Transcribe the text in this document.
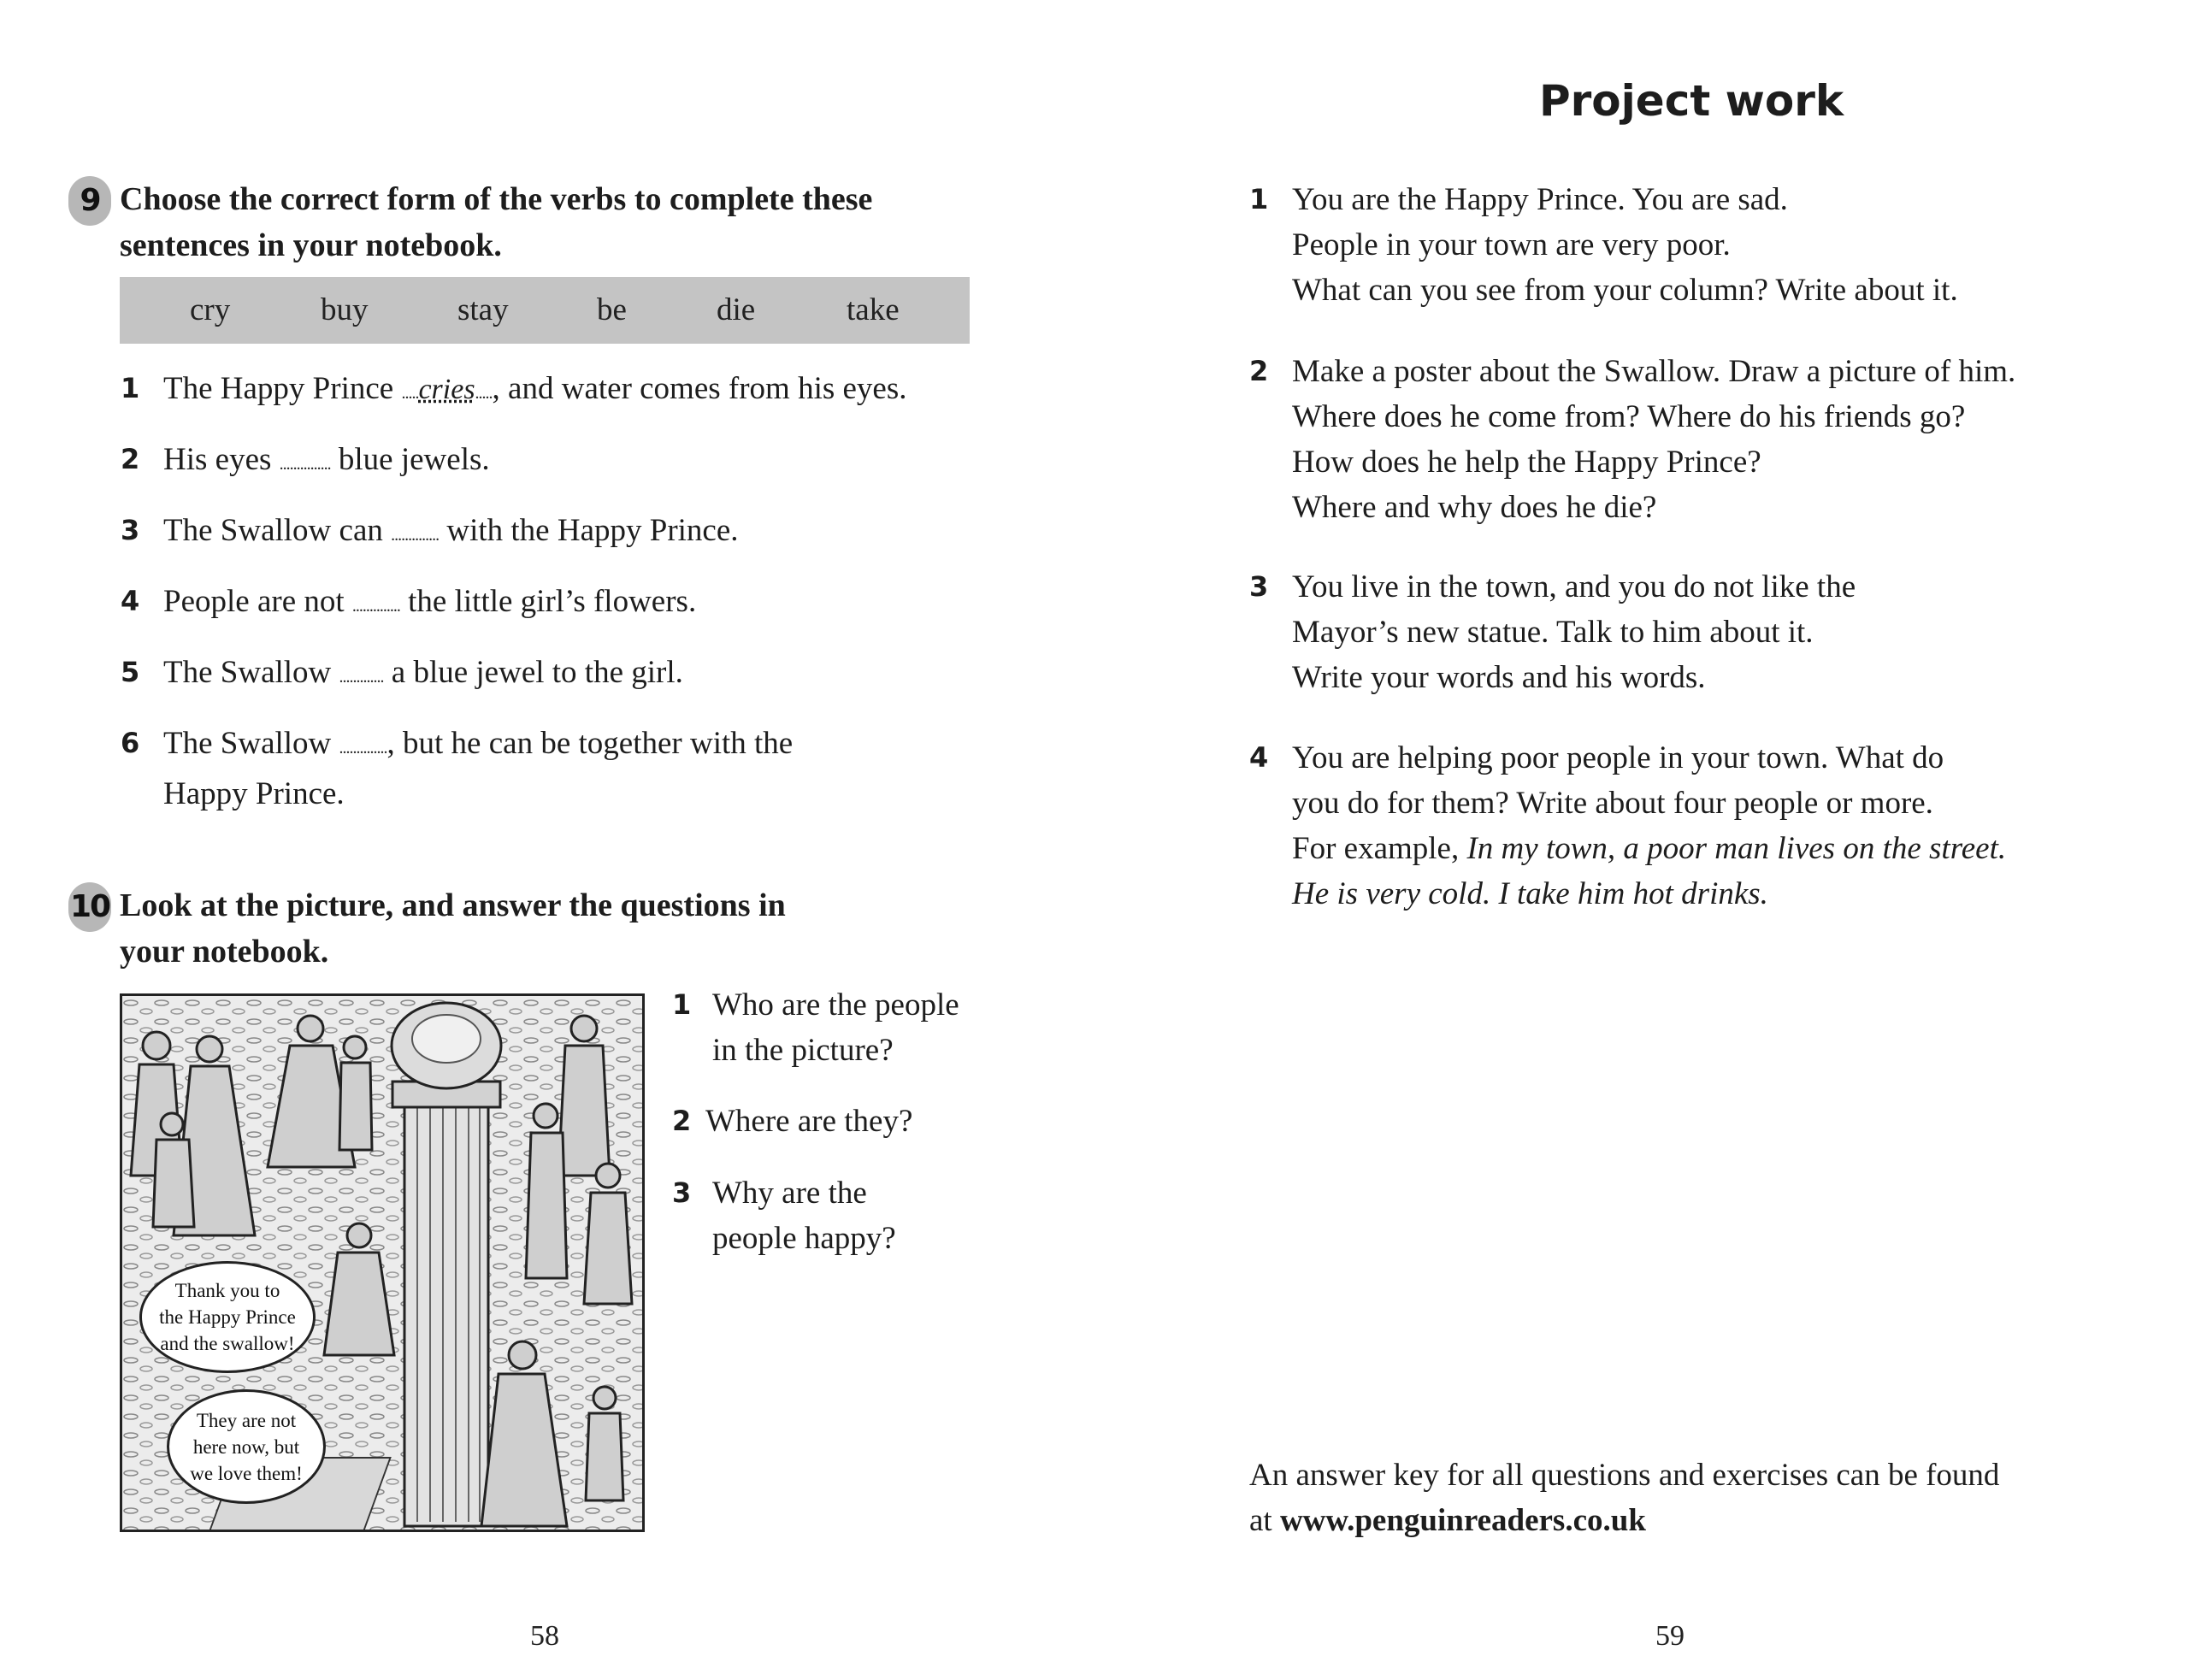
9 Choose the correct form of the verbs to complete these
sentences in your notebook.
cry	buy	stay	be	die	take
1 The Happy Prince .....cries....., and water comes from his eyes.
2 His eyes ............... blue jewels.
3 The Swallow can .............. with the Happy Prince.
4 People are not .............. the little girl’s flowers.
5 The Swallow ............. a blue jewel to the girl.
6 The Swallow .............., but he can be together with the
Happy Prince.
10 Look at the picture, and answer the questions in
your notebook.
Thank you to
the Happy Prince
and the swallow!
They are not
here now, but
we love them!
1 Who are the people
in the picture?
2 Where are they?
3 Why are the
people happy?
58
Project work
1 You are the Happy Prince. You are sad.
People in your town are very poor.
What can you see from your column? Write about it.
2 Make a poster about the Swallow. Draw a picture of him.
Where does he come from? Where do his friends go?
How does he help the Happy Prince?
Where and why does he die?
3 You live in the town, and you do not like the
Mayor’s new statue. Talk to him about it.
Write your words and his words.
4 You are helping poor people in your town. What do
you do for them? Write about four people or more.
For example, In my town, a poor man lives on the street.
He is very cold. I take him hot drinks.
An answer key for all questions and exercises can be found
at www.penguinreaders.co.uk
59
